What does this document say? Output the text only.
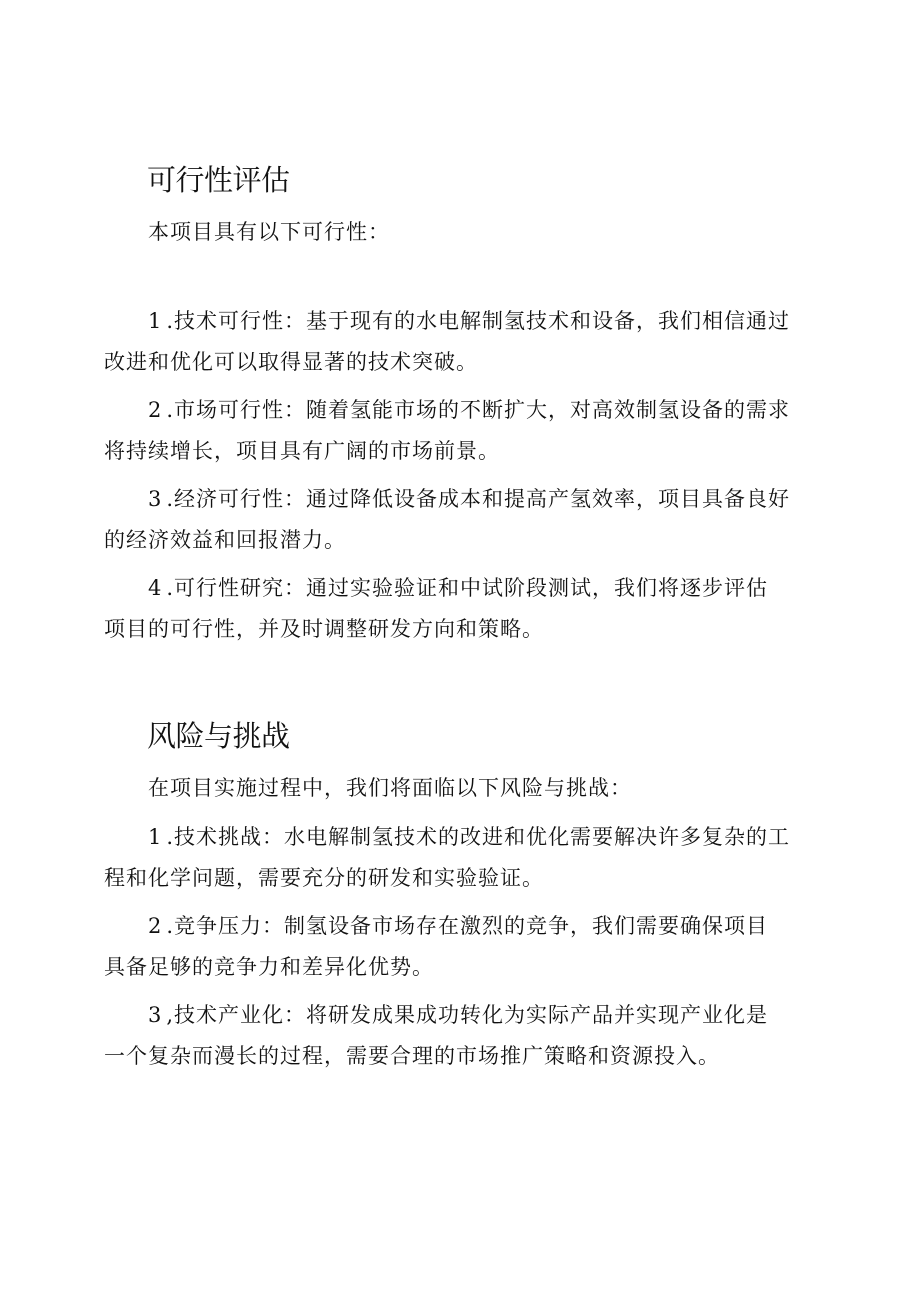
可行性评估

本项目具有以下可行性：

1 .技术可行性：基于现有的水电解制氢技术和设备，我们相信通过
改进和优化可以取得显著的技术突破。
2 .市场可行性：随着氢能市场的不断扩大，对高效制氢设备的需求
将持续增长，项目具有广阔的市场前景。
3 .经济可行性：通过降低设备成本和提高产氢效率，项目具备良好
的经济效益和回报潜力。
4 .可行性研究：通过实验验证和中试阶段测试，我们将逐步评估
项目的可行性，并及时调整研发方向和策略。
风险与挑战

在项目实施过程中，我们将面临以下风险与挑战：

1 .技术挑战：水电解制氢技术的改进和优化需要解决许多复杂的工
程和化学问题，需要充分的研发和实验验证。
2 .竞争压力：制氢设备市场存在激烈的竞争，我们需要确保项目
具备足够的竞争力和差异化优势。
3 ,技术产业化：将研发成果成功转化为实际产品并实现产业化是
一个复杂而漫长的过程，需要合理的市场推广策略和资源投入。
